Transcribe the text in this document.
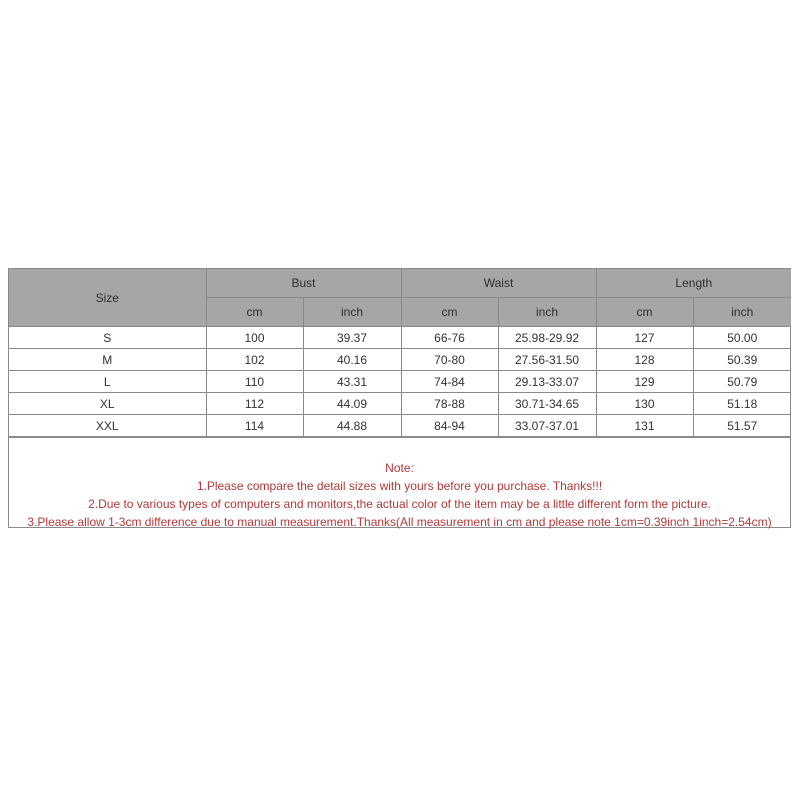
Size	Bust		Waist		Length	
	cm	inch	cm	inch	cm	inch
S	100	39.37	66-76	25.98-29.92	127	50.00
M	102	40.16	70-80	27.56-31.50	128	50.39
L	110	43.31	74-84	29.13-33.07	129	50.79
XL	112	44.09	78-88	30.71-34.65	130	51.18
XXL	114	44.88	84-94	33.07-37.01	131	51.57
Note:
1.Please compare the detail sizes with yours before you purchase. Thanks!!!
2.Due to various types of computers and monitors,the actual color of the item may be a little different form the picture.
3.Please allow 1-3cm difference due to manual measurement.Thanks(All measurement in cm and please note 1cm=0.39inch 1inch=2.54cm)
